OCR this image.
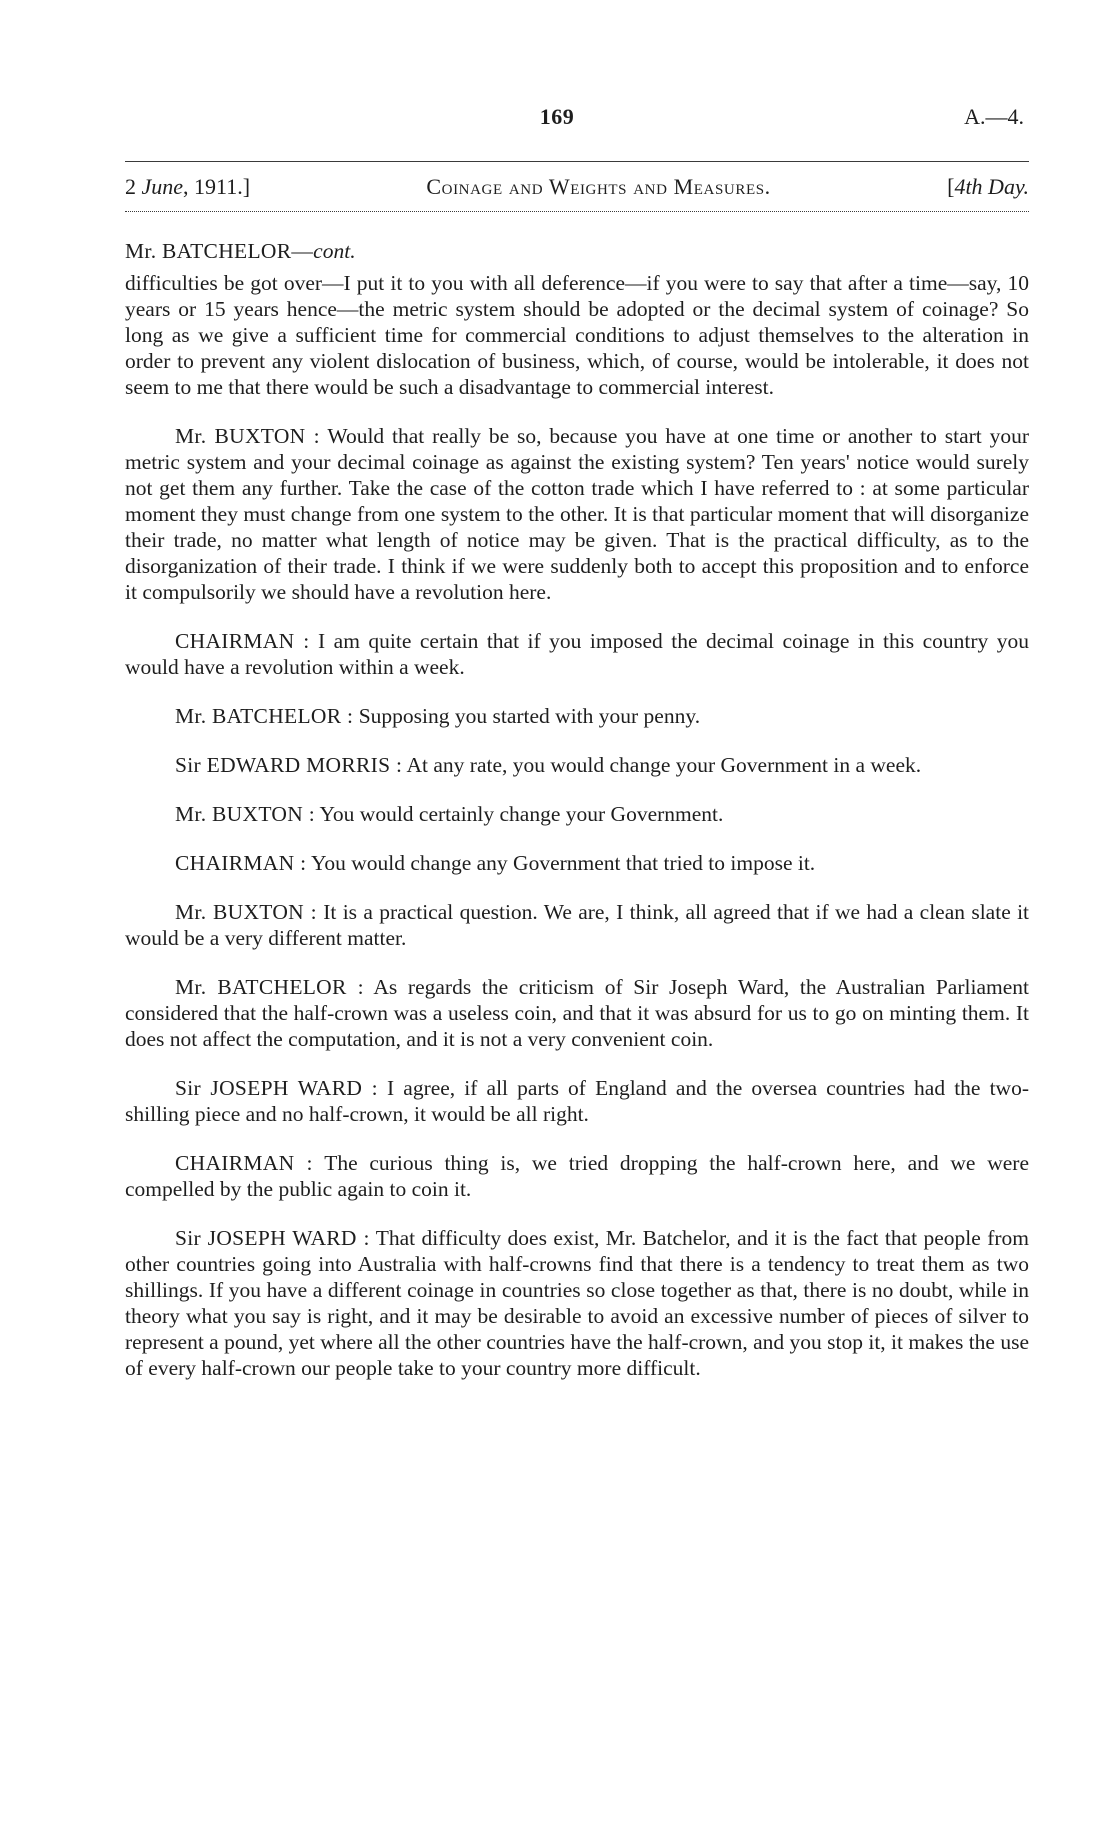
169	A.—4.
2 June, 1911.]	Coinage and Weights and Measures.	[4th Day.
Mr. BATCHELOR—cont.

difficulties be got over—I put it to you with all deference—if you were to say that after a time—say, 10 years or 15 years hence—the metric system should be adopted or the decimal system of coinage? So long as we give a sufficient time for commercial conditions to adjust themselves to the alteration in order to prevent any violent dislocation of business, which, of course, would be intolerable, it does not seem to me that there would be such a disadvantage to commercial interest.

Mr. BUXTON : Would that really be so, because you have at one time or another to start your metric system and your decimal coinage as against the existing system? Ten years' notice would surely not get them any further. Take the case of the cotton trade which I have referred to : at some particular moment they must change from one system to the other. It is that particular moment that will disorganize their trade, no matter what length of notice may be given. That is the practical difficulty, as to the disorganization of their trade. I think if we were suddenly both to accept this proposition and to enforce it compulsorily we should have a revolution here.

CHAIRMAN : I am quite certain that if you imposed the decimal coinage in this country you would have a revolution within a week.

Mr. BATCHELOR : Supposing you started with your penny.

Sir EDWARD MORRIS : At any rate, you would change your Government in a week.

Mr. BUXTON : You would certainly change your Government.

CHAIRMAN : You would change any Government that tried to impose it.

Mr. BUXTON : It is a practical question. We are, I think, all agreed that if we had a clean slate it would be a very different matter.

Mr. BATCHELOR : As regards the criticism of Sir Joseph Ward, the Australian Parliament considered that the half-crown was a useless coin, and that it was absurd for us to go on minting them. It does not affect the computation, and it is not a very convenient coin.

Sir JOSEPH WARD : I agree, if all parts of England and the oversea countries had the two-shilling piece and no half-crown, it would be all right.

CHAIRMAN : The curious thing is, we tried dropping the half-crown here, and we were compelled by the public again to coin it.

Sir JOSEPH WARD : That difficulty does exist, Mr. Batchelor, and it is the fact that people from other countries going into Australia with half-crowns find that there is a tendency to treat them as two shillings. If you have a different coinage in countries so close together as that, there is no doubt, while in theory what you say is right, and it may be desirable to avoid an excessive number of pieces of silver to represent a pound, yet where all the other countries have the half-crown, and you stop it, it makes the use of every half-crown our people take to your country more difficult.
